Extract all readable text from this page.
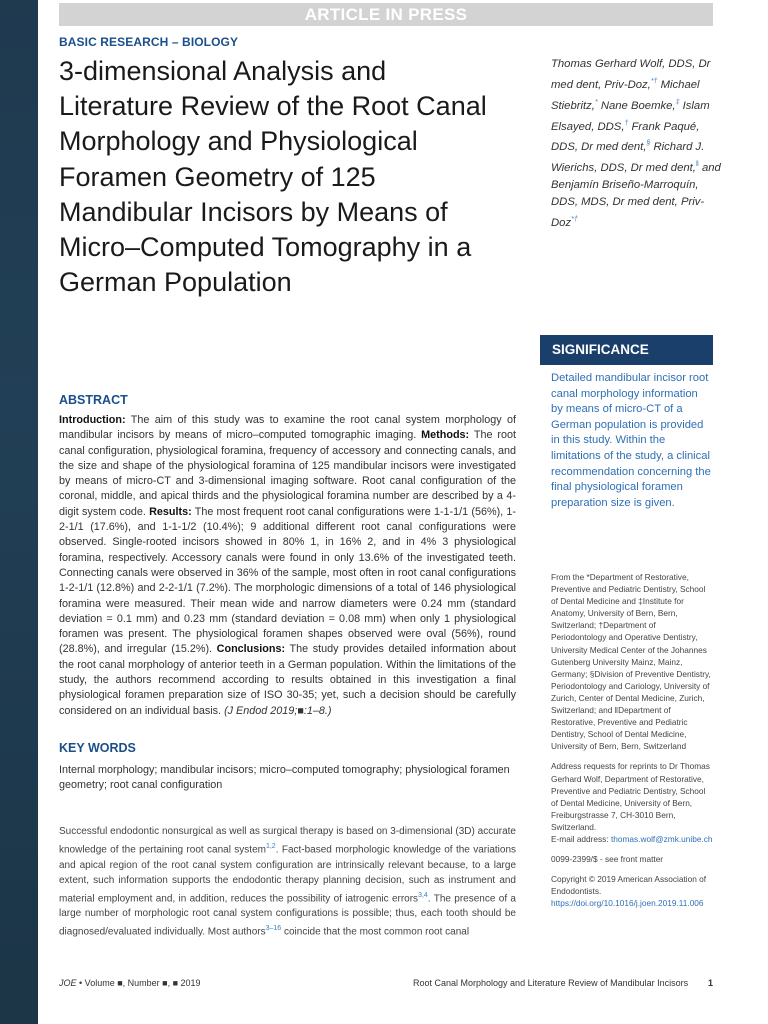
ARTICLE IN PRESS
BASIC RESEARCH – BIOLOGY
3-dimensional Analysis and Literature Review of the Root Canal Morphology and Physiological Foramen Geometry of 125 Mandibular Incisors by Means of Micro–Computed Tomography in a German Population
Thomas Gerhard Wolf, DDS, Dr med dent, Priv-Doz,*† Michael Stiebritz,* Nane Boemke,‡ Islam Elsayed, DDS,† Frank Paqué, DDS, Dr med dent,§ Richard J. Wierichs, DDS, Dr med dent,‖ and Benjamín Briseño-Marroquín, DDS, MDS, Dr med dent, Priv-Doz*†
SIGNIFICANCE
Detailed mandibular incisor root canal morphology information by means of micro-CT of a German population is provided in this study. Within the limitations of the study, a clinical recommendation concerning the final physiological foramen preparation size is given.
ABSTRACT
Introduction: The aim of this study was to examine the root canal system morphology of mandibular incisors by means of micro–computed tomographic imaging. Methods: The root canal configuration, physiological foramina, frequency of accessory and connecting canals, and the size and shape of the physiological foramina of 125 mandibular incisors were investigated by means of micro-CT and 3-dimensional imaging software. Root canal configuration of the coronal, middle, and apical thirds and the physiological foramina number are described by a 4-digit system code. Results: The most frequent root canal configurations were 1-1-1/1 (56%), 1-2-1/1 (17.6%), and 1-1-1/2 (10.4%); 9 additional different root canal configurations were observed. Single-rooted incisors showed in 80% 1, in 16% 2, and in 4% 3 physiological foramina, respectively. Accessory canals were found in only 13.6% of the investigated teeth. Connecting canals were observed in 36% of the sample, most often in root canal configurations 1-2-1/1 (12.8%) and 2-2-1/1 (7.2%). The morphologic dimensions of a total of 146 physiological foramina were measured. Their mean wide and narrow diameters were 0.24 mm (standard deviation = 0.1 mm) and 0.23 mm (standard deviation = 0.08 mm) when only 1 physiological foramen was present. The physiological foramen shapes observed were oval (56%), round (28.8%), and irregular (15.2%). Conclusions: The study provides detailed information about the root canal morphology of anterior teeth in a German population. Within the limitations of the study, the authors recommend according to results obtained in this investigation a final physiological foramen preparation size of ISO 30-35; yet, such a decision should be carefully considered on an individual basis. (J Endod 2019;■:1–8.)
KEY WORDS
Internal morphology; mandibular incisors; micro–computed tomography; physiological foramen geometry; root canal configuration
Successful endodontic nonsurgical as well as surgical therapy is based on 3-dimensional (3D) accurate knowledge of the pertaining root canal system$^{1,2}$. Fact-based morphologic knowledge of the variations and apical region of the root canal system configuration are intrinsically relevant because, to a large extent, such information supports the endodontic therapy planning decision, such as instrument and material employment and, in addition, reduces the possibility of iatrogenic errors$^{3,4}$. The presence of a large number of morphologic root canal system configurations is possible; thus, each tooth should be diagnosed/evaluated individually. Most authors$^{3-16}$ coincide that the most common root canal

From the *Department of Restorative, Preventive and Pediatric Dentistry, School of Dental Medicine and ‡Institute for Anatomy, University of Bern, Bern, Switzerland; †Department of Periodontology and Operative Dentistry, University Medical Center of the Johannes Gutenberg University Mainz, Mainz, Germany; §Division of Preventive Dentistry, Periodontology and Cariology, University of Zurich, Center of Dental Medicine, Zurich, Switzerland; and ‖Department of Restorative, Preventive and Pediatric Dentistry, School of Dental Medicine, University of Bern, Bern, Switzerland

Address requests for reprints to Dr Thomas Gerhard Wolf, Department of Restorative, Preventive and Pediatric Dentistry, School of Dental Medicine, University of Bern, Freiburgstrasse 7, CH-3010 Bern, Switzerland.
E-mail address: thomas.wolf@zmk.unibe.ch

0099-2399/$ - see front matter

Copyright © 2019 American Association of Endodontists.
https://doi.org/10.1016/j.joen.2019.11.006

JOE • Volume ■, Number ■, ■ 2019	Root Canal Morphology and Literature Review of Mandibular Incisors 1
